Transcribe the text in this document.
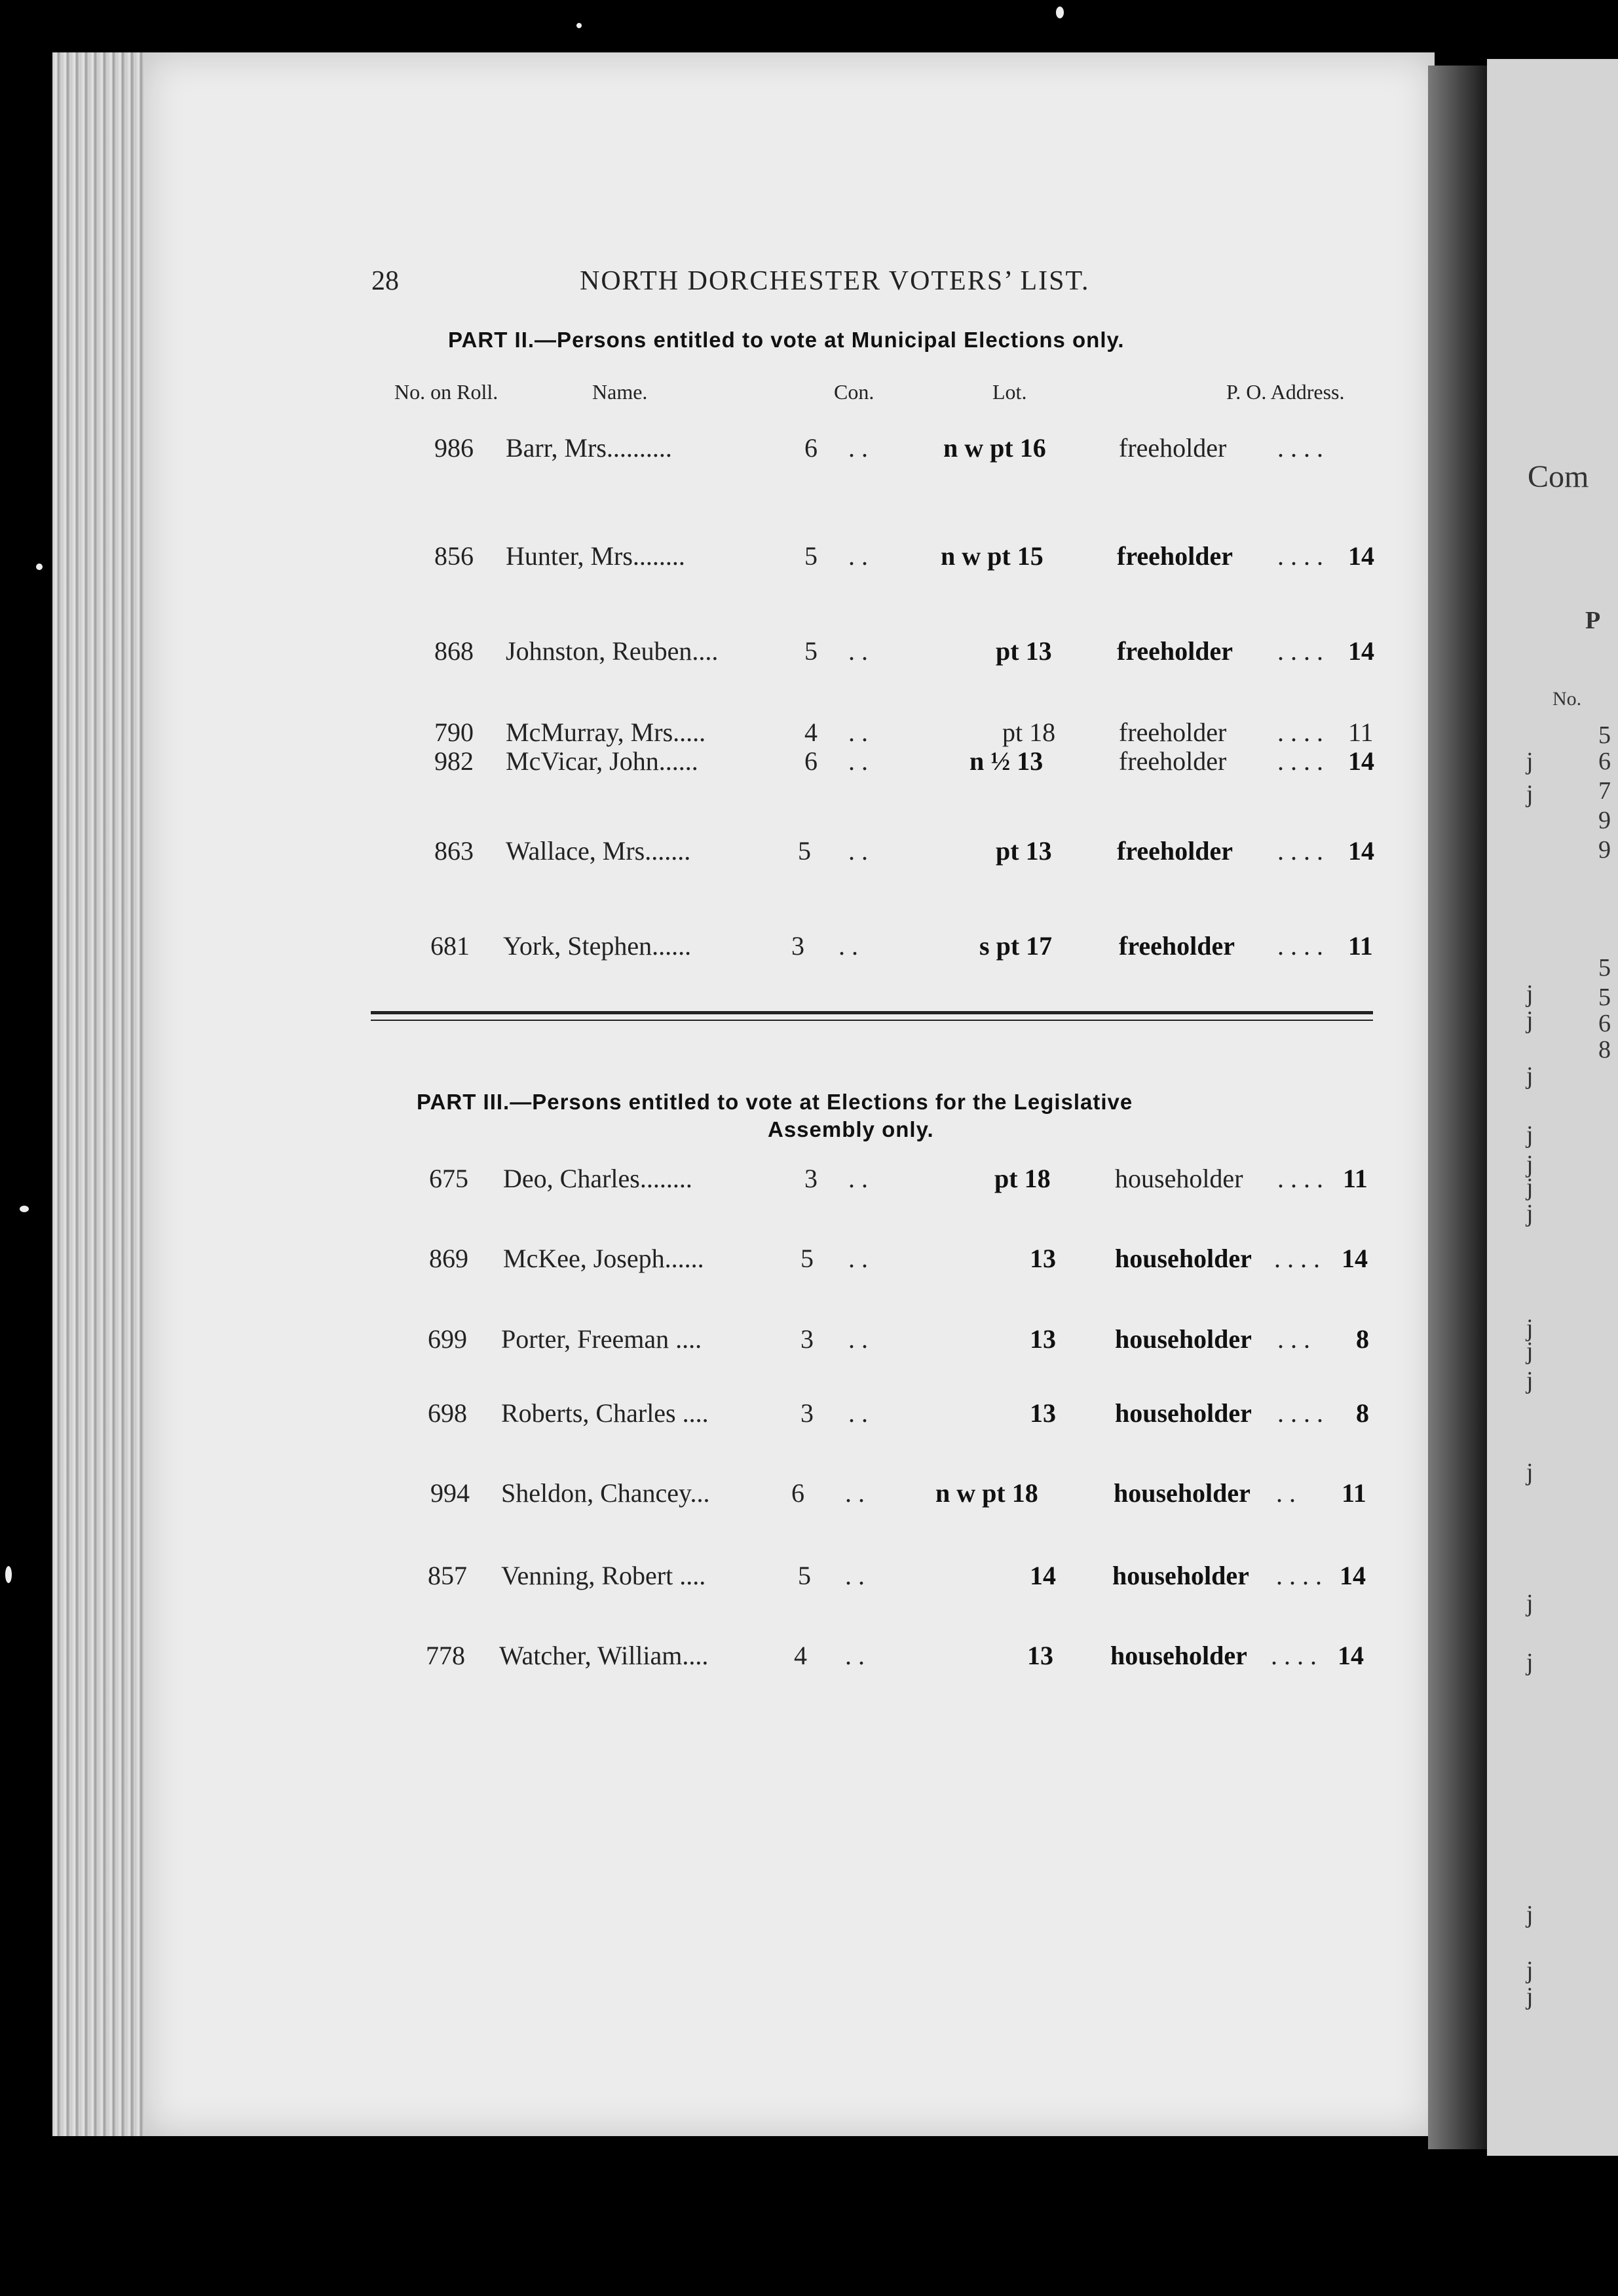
28	NORTH DORCHESTER VOTERS’ LIST.
PART II.—Persons entitled to vote at Municipal Elections only.
No. on Roll.	Name.	Con.	Lot.	P. O. Address.
986 Barr, Mrs..........	6 . .	n w pt 16	freeholder . . . .
856 Hunter, Mrs........	5 . .	n w pt 15	freeholder . . . . 14
868 Johnston, Reuben....	5 . .	pt 13 freeholder . . . . 14
790 McMurray, Mrs.....	4 . .	pt 18 freeholder . . . . 11
982 McVicar, John......	6 . .	n ½ 13	freeholder . . . . 14
863 Wallace, Mrs.......	5 . .	pt 13 freeholder . . . . 14
681 York, Stephen......	3 . .	s pt 17	freeholder . . . . 11
PART III.—Persons entitled to vote at Elections for the Legislative
Assembly only.
675 Deo, Charles........	3 . .	pt 18 householder . . . . 11
869 McKee, Joseph......	5 . .	13 householder . . . . 14
699 Porter, Freeman ....	3 . .	13 householder . . . 8
698 Roberts, Charles ....	3 . .	13 householder . . . . 8
994 Sheldon, Chancey...	6 . .	n w pt 18	householder . . 11
857 Venning, Robert ....	5 . .	14 householder . . . . 14
778 Watcher, William....	4 . .	13 householder . . . . 14
Com
P
No.
5
6
7
9
9
5
5
6
8
j
j
j
j
j
j
j
j
j
j
j
j
j
j
j
j
j
j
